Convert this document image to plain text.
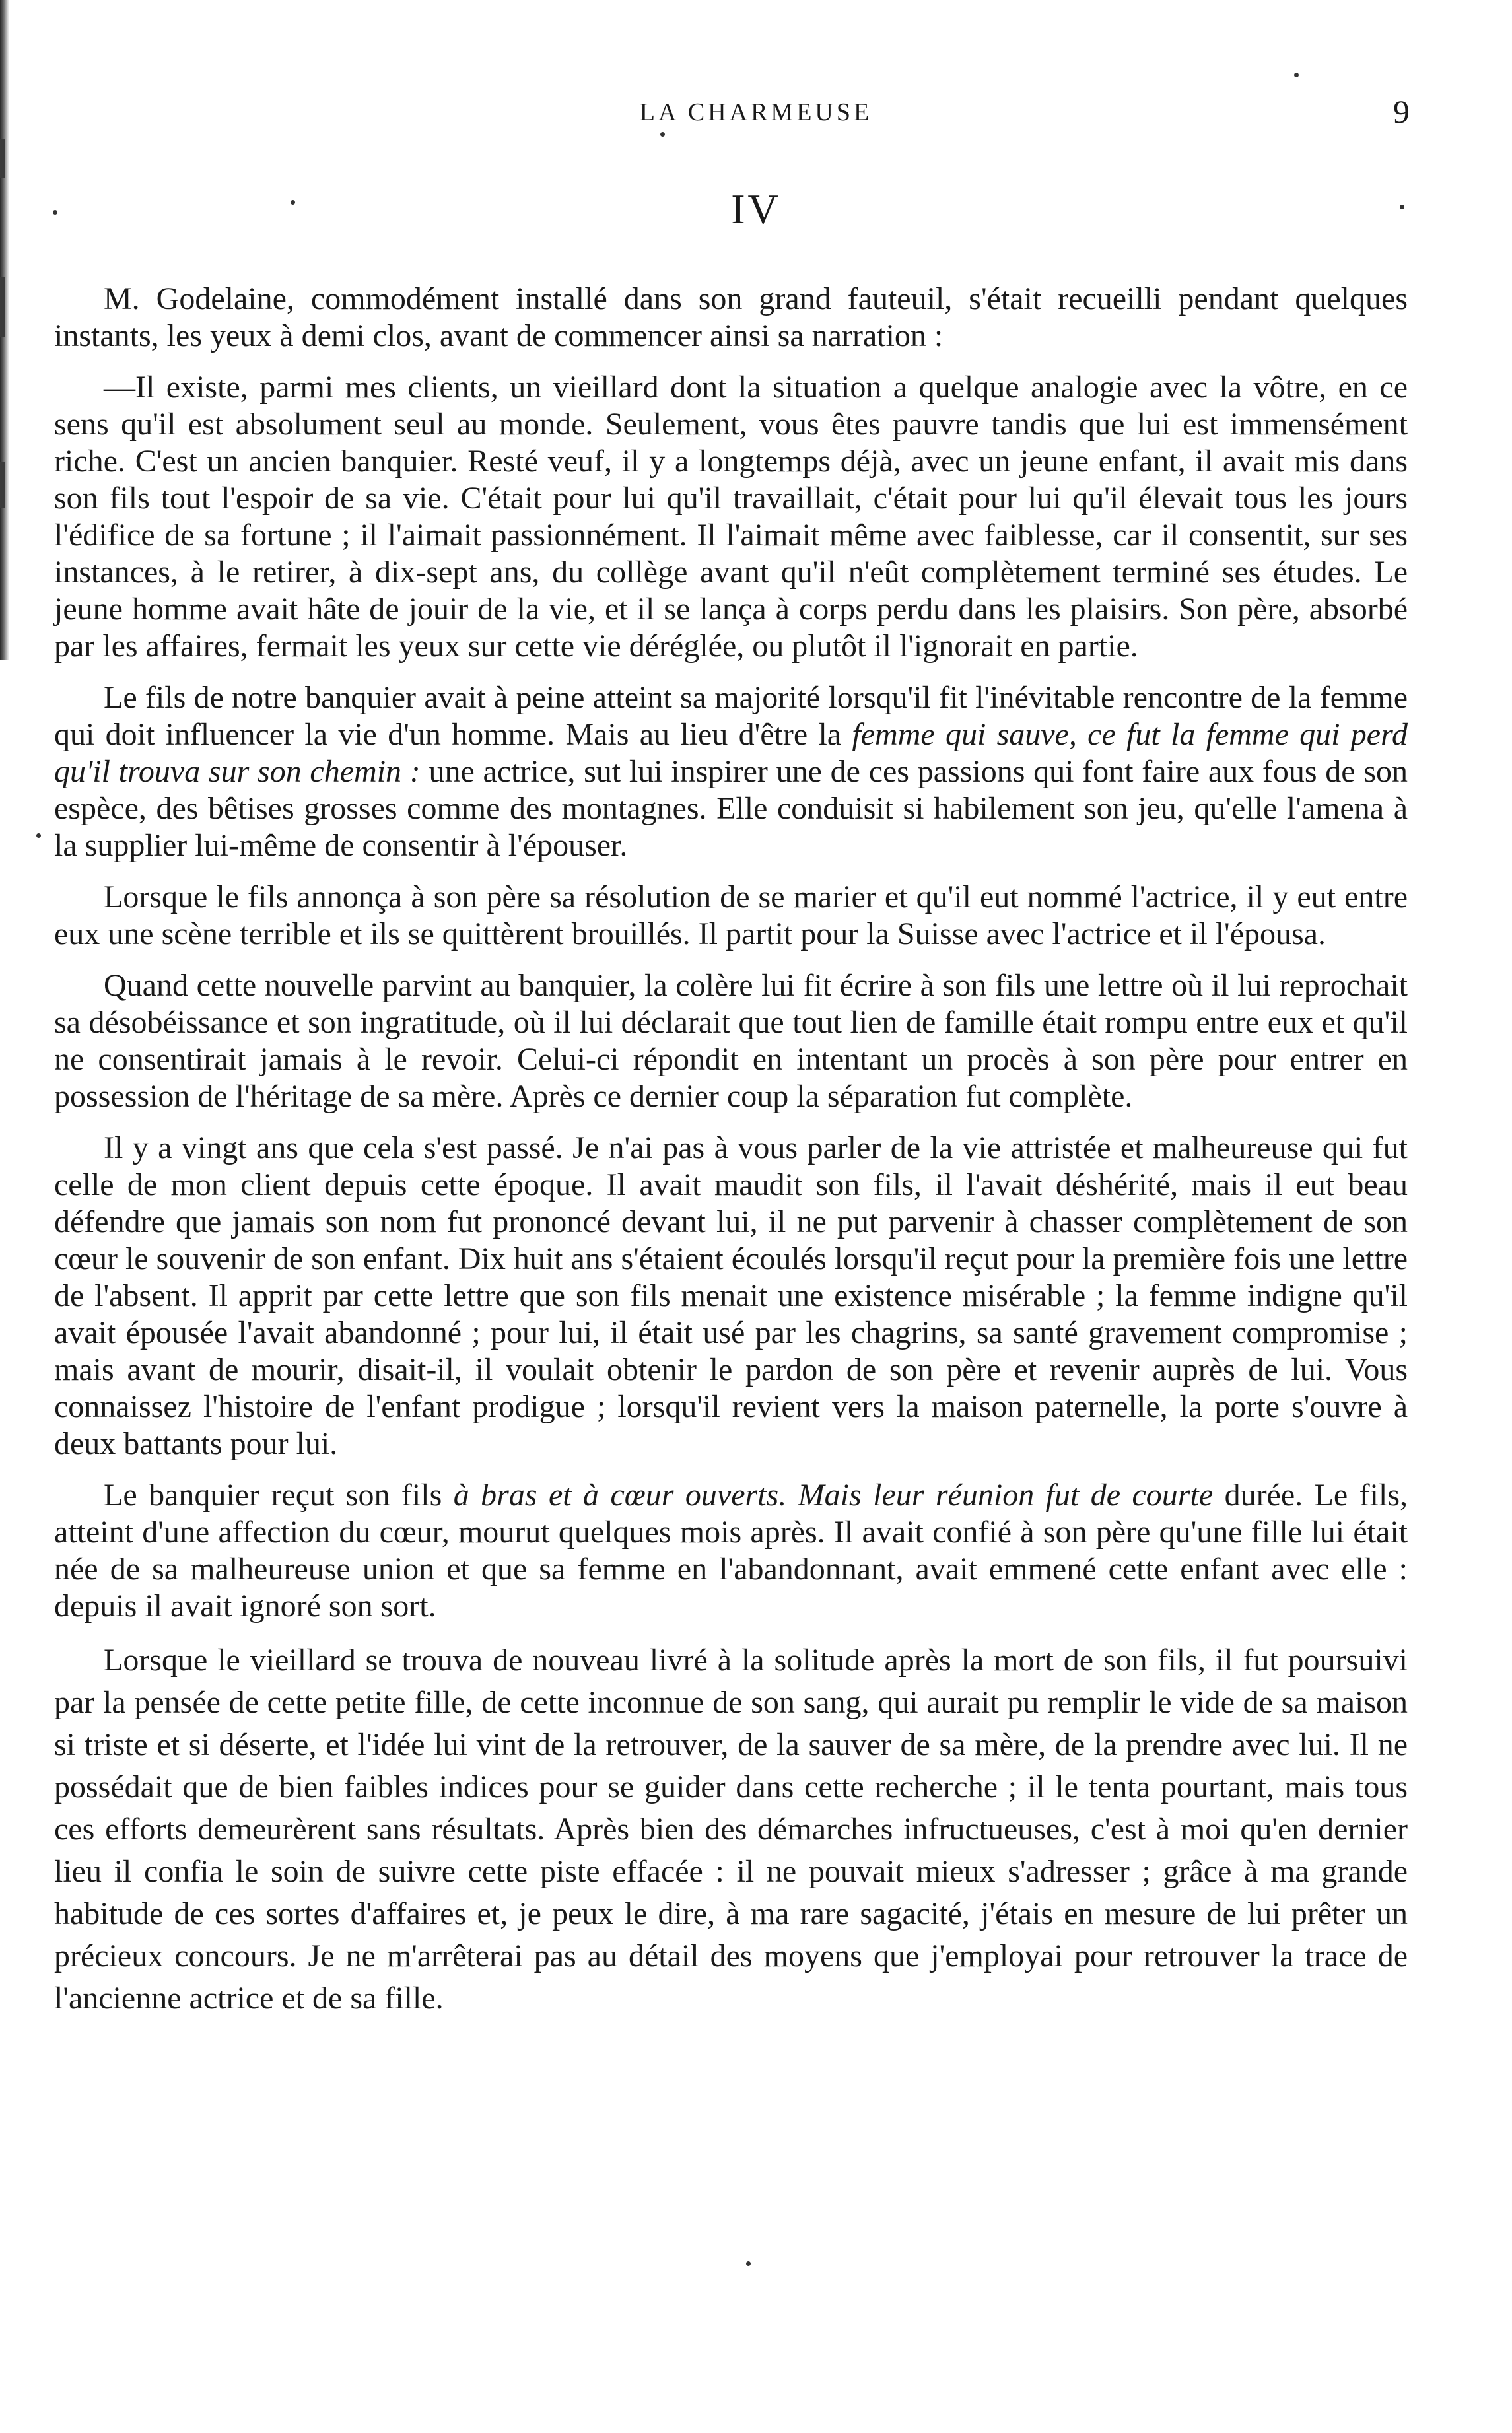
LA CHARMEUSE	9
IV

M. Godelaine, commodément installé dans son grand fauteuil, s'était recueilli pendant quelques instants, les yeux à demi clos, avant de commencer ainsi sa narration :

—Il existe, parmi mes clients, un vieillard dont la situation a quelque analogie avec la vôtre, en ce sens qu'il est absolument seul au monde. Seulement, vous êtes pauvre tandis que lui est immensément riche. C'est un ancien banquier. Resté veuf, il y a longtemps déjà, avec un jeune enfant, il avait mis dans son fils tout l'espoir de sa vie. C'était pour lui qu'il travaillait, c'était pour lui qu'il élevait tous les jours l'édifice de sa fortune ; il l'aimait passionnément. Il l'aimait même avec faiblesse, car il consentit, sur ses instances, à le retirer, à dix-sept ans, du collège avant qu'il n'eût complètement terminé ses études. Le jeune homme avait hâte de jouir de la vie, et il se lança à corps perdu dans les plaisirs. Son père, absorbé par les affaires, fermait les yeux sur cette vie déréglée, ou plutôt il l'ignorait en partie.

Le fils de notre banquier avait à peine atteint sa majorité lorsqu'il fit l'inévitable rencontre de la femme qui doit influencer la vie d'un homme. Mais au lieu d'être la femme qui sauve, ce fut la femme qui perd qu'il trouva sur son chemin : une actrice, sut lui inspirer une de ces passions qui font faire aux fous de son espèce, des bêtises grosses comme des montagnes. Elle conduisit si habilement son jeu, qu'elle l'amena à la supplier lui-même de consentir à l'épouser.

Lorsque le fils annonça à son père sa résolution de se marier et qu'il eut nommé l'actrice, il y eut entre eux une scène terrible et ils se quittèrent brouillés. Il partit pour la Suisse avec l'actrice et il l'épousa.

Quand cette nouvelle parvint au banquier, la colère lui fit écrire à son fils une lettre où il lui reprochait sa désobéissance et son ingratitude, où il lui déclarait que tout lien de famille était rompu entre eux et qu'il ne consentirait jamais à le revoir. Celui-ci répondit en intentant un procès à son père pour entrer en possession de l'héritage de sa mère. Après ce dernier coup la séparation fut complète.

Il y a vingt ans que cela s'est passé. Je n'ai pas à vous parler de la vie attristée et malheureuse qui fut celle de mon client depuis cette époque. Il avait maudit son fils, il l'avait déshérité, mais il eut beau défendre que jamais son nom fut prononcé devant lui, il ne put parvenir à chasser complètement de son cœur le souvenir de son enfant. Dix huit ans s'étaient écoulés lorsqu'il reçut pour la première fois une lettre de l'absent. Il apprit par cette lettre que son fils menait une existence misérable ; la femme indigne qu'il avait épousée l'avait abandonné ; pour lui, il était usé par les chagrins, sa santé gravement compromise ; mais avant de mourir, disait-il, il voulait obtenir le pardon de son père et revenir auprès de lui. Vous connaissez l'histoire de l'enfant prodigue ; lorsqu'il revient vers la maison paternelle, la porte s'ouvre à deux battants pour lui.

Le banquier reçut son fils à bras et à cœur ouverts. Mais leur réunion fut de courte durée. Le fils, atteint d'une affection du cœur, mourut quelques mois après. Il avait confié à son père qu'une fille lui était née de sa malheureuse union et que sa femme en l'abandonnant, avait emmené cette enfant avec elle : depuis il avait ignoré son sort.

Lorsque le vieillard se trouva de nouveau livré à la solitude après la mort de son fils, il fut poursuivi par la pensée de cette petite fille, de cette inconnue de son sang, qui aurait pu remplir le vide de sa maison si triste et si déserte, et l'idée lui vint de la retrouver, de la sauver de sa mère, de la prendre avec lui. Il ne possédait que de bien faibles indices pour se guider dans cette recherche ; il le tenta pourtant, mais tous ces efforts demeurèrent sans résultats. Après bien des démarches infructueuses, c'est à moi qu'en dernier lieu il confia le soin de suivre cette piste effacée : il ne pouvait mieux s'adresser ; grâce à ma grande habitude de ces sortes d'affaires et, je peux le dire, à ma rare sagacité, j'étais en mesure de lui prêter un précieux concours. Je ne m'arrêterai pas au détail des moyens que j'employai pour retrouver la trace de l'ancienne actrice et de sa fille.
